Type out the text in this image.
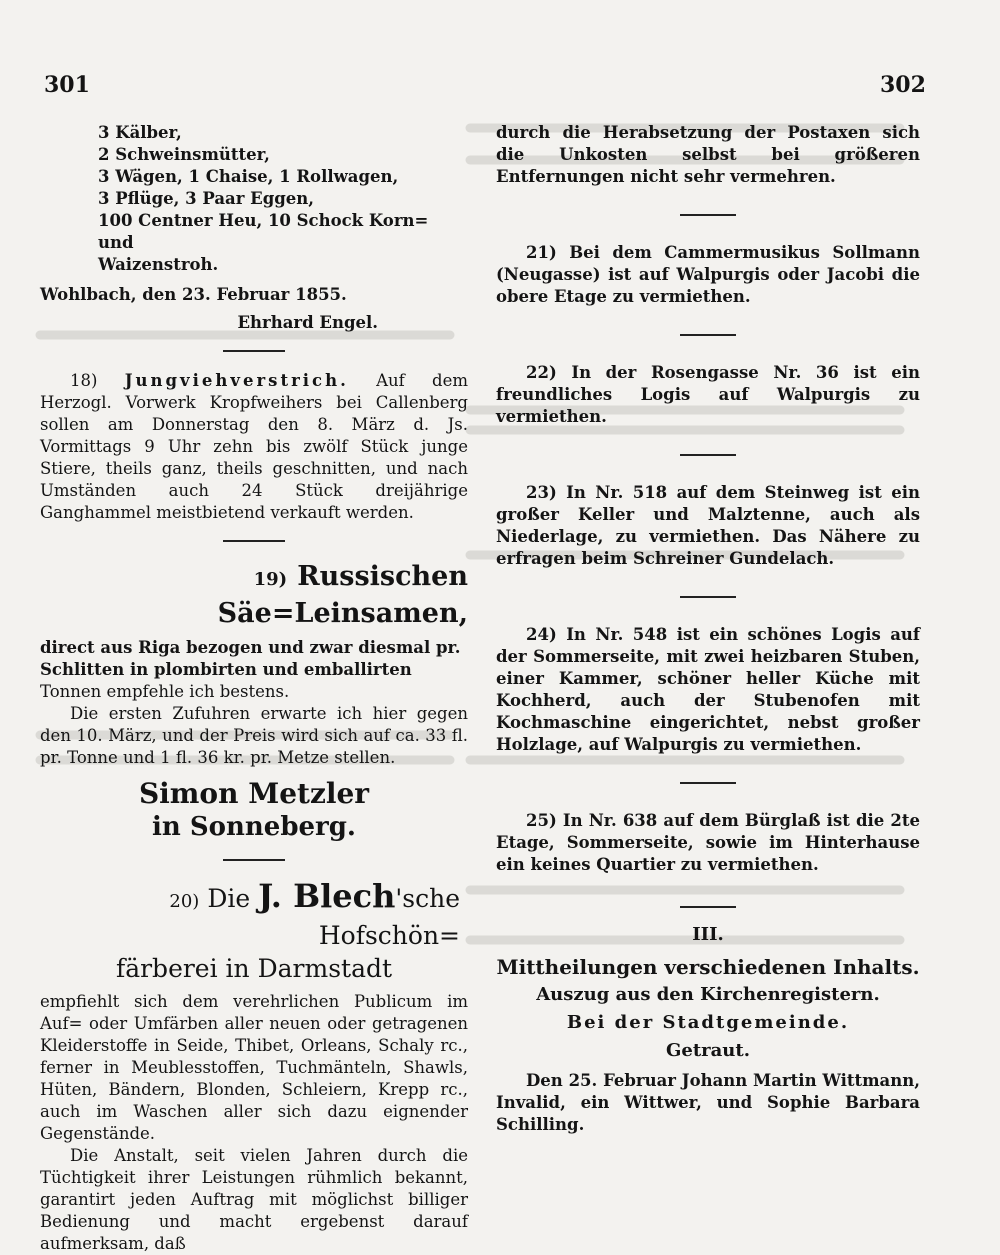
301	302

3 Kälber,

2 Schweinsmütter,

3 Wägen, 1 Chaise, 1 Rollwagen,

3 Pflüge, 3 Paar Eggen,

100 Centner Heu, 10 Schock Korn= und

Waizenstroh.

Wohlbach, den 23. Februar 1855.

Ehrhard Engel.

18) Jungviehverstrich. Auf dem Herzogl. Vorwerk Kropfweihers bei Callenberg sollen am Donnerstag den 8. März d. Js. Vormittags 9 Uhr zehn bis zwölf Stück junge Stiere, theils ganz, theils geschnitten, und nach Umständen auch 24 Stück dreijährige Ganghammel meistbietend verkauft werden.

19) Russischen Säe=Leinsamen,

direct aus Riga bezogen und zwar diesmal pr.

Schlitten in plombirten und emballirten

Tonnen empfehle ich bestens.

Die ersten Zufuhren erwarte ich hier gegen den 10. März, und der Preis wird sich auf ca. 33 fl. pr. Tonne und 1 fl. 36 kr. pr. Metze stellen.

Simon Metzler
in Sonneberg.
20) Die J. Blech'sche Hofschön=
färberei in Darmstadt

empfiehlt sich dem verehrlichen Publicum im Auf= oder Umfärben aller neuen oder getragenen Kleiderstoffe in Seide, Thibet, Orleans, Schaly rc., ferner in Meublesstoffen, Tuchmänteln, Shawls, Hüten, Bändern, Blonden, Schleiern, Krepp rc., auch im Waschen aller sich dazu eignender Gegenstände.

Die Anstalt, seit vielen Jahren durch die Tüchtigkeit ihrer Leistungen rühmlich bekannt, garantirt jeden Auftrag mit möglichst billiger Bedienung und macht ergebenst darauf aufmerksam, daß

durch die Herabsetzung der Postaxen sich die Unkosten selbst bei größeren Entfernungen nicht sehr vermehren.

21) Bei dem Cammermusikus Sollmann (Neugasse) ist auf Walpurgis oder Jacobi die obere Etage zu vermiethen.

22) In der Rosengasse Nr. 36 ist ein freundliches Logis auf Walpurgis zu vermiethen.

23) In Nr. 518 auf dem Steinweg ist ein großer Keller und Malztenne, auch als Niederlage, zu vermiethen. Das Nähere zu erfragen beim Schreiner Gundelach.

24) In Nr. 548 ist ein schönes Logis auf der Sommerseite, mit zwei heizbaren Stuben, einer Kammer, schöner heller Küche mit Kochherd, auch der Stubenofen mit Kochmaschine eingerichtet, nebst großer Holzlage, auf Walpurgis zu vermiethen.

25) In Nr. 638 auf dem Bürglaß ist die 2te Etage, Sommerseite, sowie im Hinterhause ein keines Quartier zu vermiethen.

III.
Mittheilungen verschiedenen Inhalts.
Auszug aus den Kirchenregistern.
Bei der Stadtgemeinde.
Getraut.

Den 25. Februar Johann Martin Wittmann, Invalid, ein Wittwer, und Sophie Barbara Schilling.
